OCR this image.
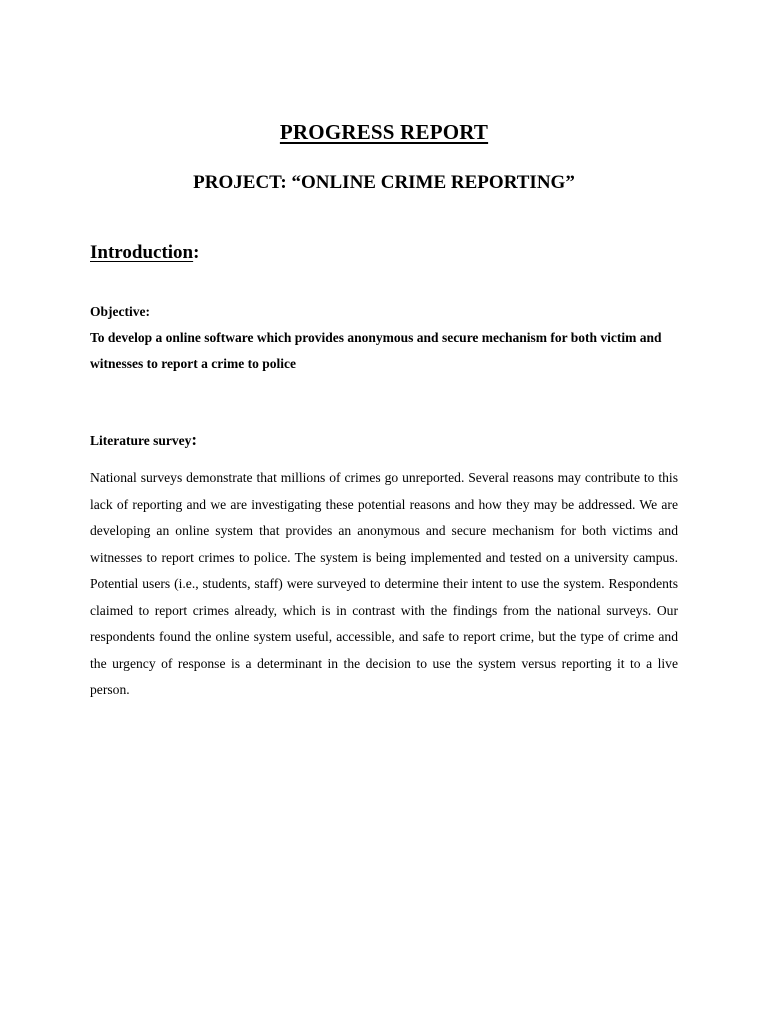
PROGRESS REPORT
PROJECT: “ONLINE CRIME REPORTING”
Introduction:
Objective:
To develop a online software which provides anonymous and secure mechanism for both victim and witnesses to report a crime to police
Literature survey:
National surveys demonstrate that millions of crimes go unreported. Several reasons may contribute to this lack of reporting and we are investigating these potential reasons and how they may be addressed. We are developing an online system that provides an anonymous and secure mechanism for both victims and witnesses to report crimes to police. The system is being implemented and tested on a university campus. Potential users (i.e., students, staff) were surveyed to determine their intent to use the system. Respondents claimed to report crimes already, which is in contrast with the findings from the national surveys. Our respondents found the online system useful, accessible, and safe to report crime, but the type of crime and the urgency of response is a determinant in the decision to use the system versus reporting it to a live person.
